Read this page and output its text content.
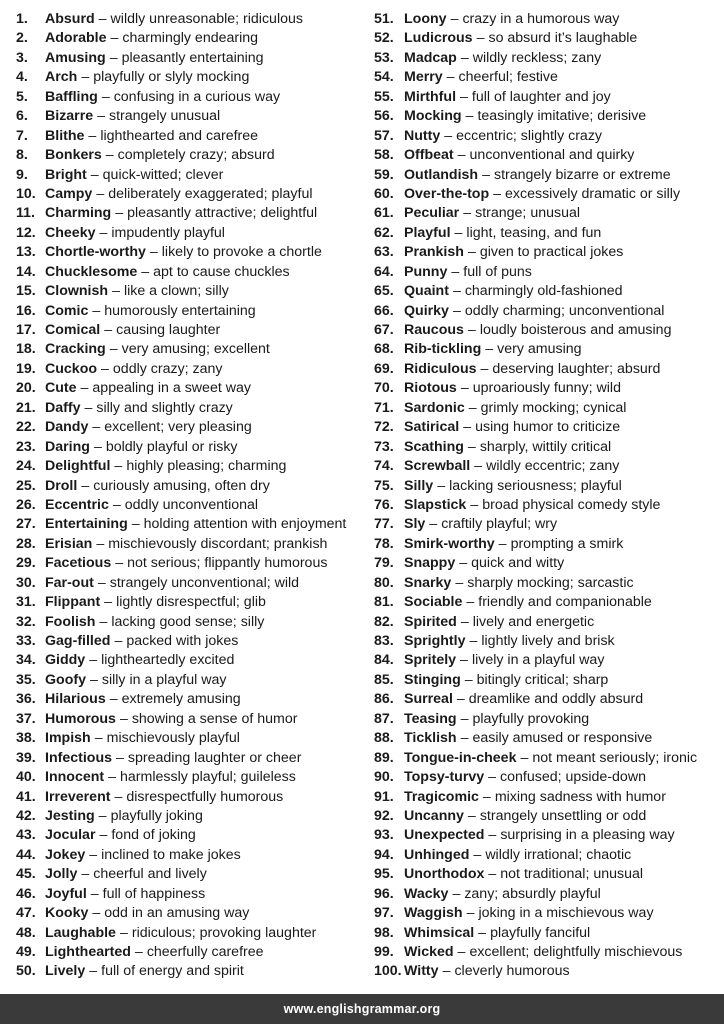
1.	Absurd – wildly unreasonable; ridiculous
2.	Adorable – charmingly endearing
3.	Amusing – pleasantly entertaining
4.	Arch – playfully or slyly mocking
5.	Baffling – confusing in a curious way
6.	Bizarre – strangely unusual
7.	Blithe – lighthearted and carefree
8.	Bonkers – completely crazy; absurd
9.	Bright – quick-witted; clever
10. Campy – deliberately exaggerated; playful
11. Charming – pleasantly attractive; delightful
12. Cheeky – impudently playful
13. Chortle-worthy – likely to provoke a chortle
14. Chucklesome – apt to cause chuckles
15. Clownish – like a clown; silly
16. Comic – humorously entertaining
17. Comical – causing laughter
18. Cracking – very amusing; excellent
19. Cuckoo – oddly crazy; zany
20. Cute – appealing in a sweet way
21. Daffy – silly and slightly crazy
22. Dandy – excellent; very pleasing
23. Daring – boldly playful or risky
24. Delightful – highly pleasing; charming
25. Droll – curiously amusing, often dry
26. Eccentric – oddly unconventional
27. Entertaining – holding attention with enjoyment
28. Erisian – mischievously discordant; prankish
29. Facetious – not serious; flippantly humorous
30. Far-out – strangely unconventional; wild
31. Flippant – lightly disrespectful; glib
32. Foolish – lacking good sense; silly
33. Gag-filled – packed with jokes
34. Giddy – lightheartedly excited
35. Goofy – silly in a playful way
36. Hilarious – extremely amusing
37. Humorous – showing a sense of humor
38. Impish – mischievously playful
39. Infectious – spreading laughter or cheer
40. Innocent – harmlessly playful; guileless
41. Irreverent – disrespectfully humorous
42. Jesting – playfully joking
43. Jocular – fond of joking
44. Jokey – inclined to make jokes
45. Jolly – cheerful and lively
46. Joyful – full of happiness
47. Kooky – odd in an amusing way
48. Laughable – ridiculous; provoking laughter
49. Lighthearted – cheerfully carefree
50. Lively – full of energy and spirit
51. Loony – crazy in a humorous way
52. Ludicrous – so absurd it’s laughable
53. Madcap – wildly reckless; zany
54. Merry – cheerful; festive
55. Mirthful – full of laughter and joy
56. Mocking – teasingly imitative; derisive
57. Nutty – eccentric; slightly crazy
58. Offbeat – unconventional and quirky
59. Outlandish – strangely bizarre or extreme
60. Over-the-top – excessively dramatic or silly
61. Peculiar – strange; unusual
62. Playful – light, teasing, and fun
63. Prankish – given to practical jokes
64. Punny – full of puns
65. Quaint – charmingly old-fashioned
66. Quirky – oddly charming; unconventional
67. Raucous – loudly boisterous and amusing
68. Rib-tickling – very amusing
69. Ridiculous – deserving laughter; absurd
70. Riotous – uproariously funny; wild
71. Sardonic – grimly mocking; cynical
72. Satirical – using humor to criticize
73. Scathing – sharply, wittily critical
74. Screwball – wildly eccentric; zany
75. Silly – lacking seriousness; playful
76. Slapstick – broad physical comedy style
77. Sly – craftily playful; wry
78. Smirk-worthy – prompting a smirk
79. Snappy – quick and witty
80. Snarky – sharply mocking; sarcastic
81. Sociable – friendly and companionable
82. Spirited – lively and energetic
83. Sprightly – lightly lively and brisk
84. Spritely – lively in a playful way
85. Stinging – bitingly critical; sharp
86. Surreal – dreamlike and oddly absurd
87. Teasing – playfully provoking
88. Ticklish – easily amused or responsive
89. Tongue-in-cheek – not meant seriously; ironic
90. Topsy-turvy – confused; upside-down
91. Tragicomic – mixing sadness with humor
92. Uncanny – strangely unsettling or odd
93. Unexpected – surprising in a pleasing way
94. Unhinged – wildly irrational; chaotic
95. Unorthodox – not traditional; unusual
96. Wacky – zany; absurdly playful
97. Waggish – joking in a mischievous way
98. Whimsical – playfully fanciful
99. Wicked – excellent; delightfully mischievous
100. Witty – cleverly humorous
www.englishgrammar.org
